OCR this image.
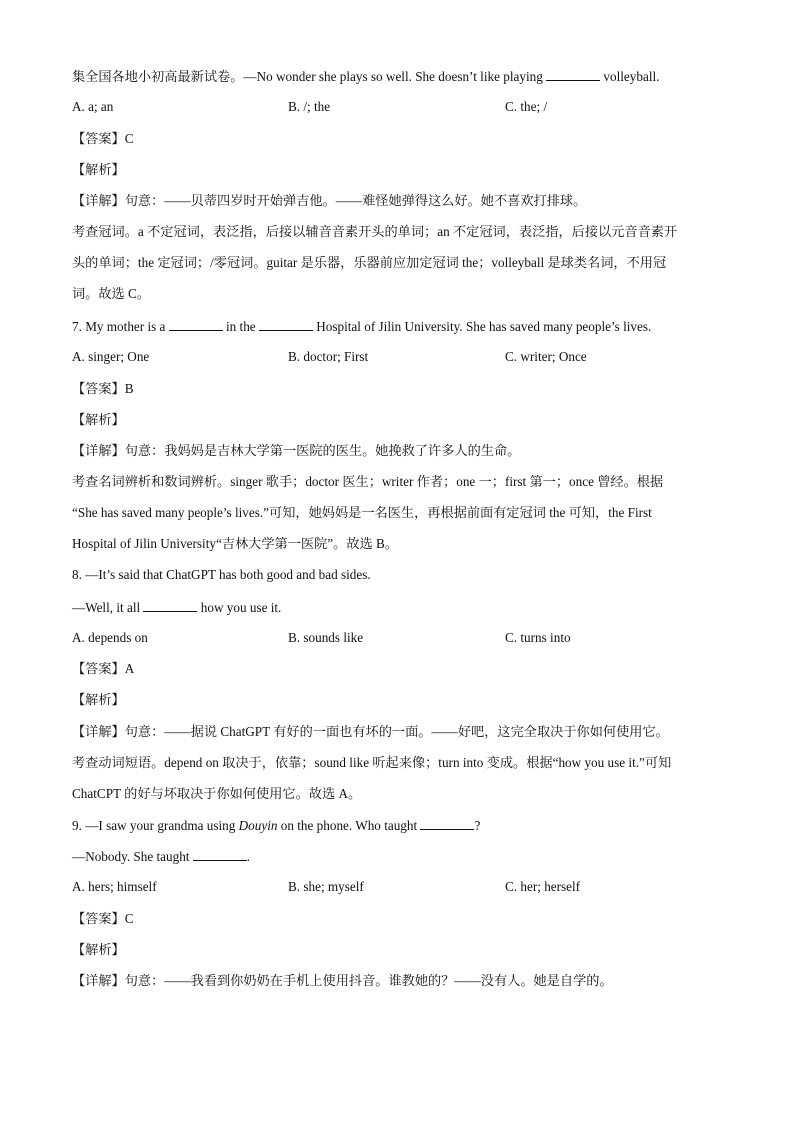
集全国各地小初高最新试卷。—No wonder she plays so well. She doesn’t like playing	volleyball.
A. a; an	B. /; the	C. the; /
【答案】C
【解析】
【详解】句意：——贝蒂四岁时开始弹吉他。——难怪她弹得这么好。她不喜欢打排球。
考查冠词。a 不定冠词，表泛指，后接以辅音音素开头的单词；an 不定冠词，表泛指，后接以元音音素开
头的单词；the 定冠词；/零冠词。guitar 是乐器，乐器前应加定冠词 the；volleyball 是球类名词，不用冠
词。故选 C。
7. My mother is a	in the	Hospital of Jilin University. She has saved many people’s lives.
A. singer; One	B. doctor; First	C. writer; Once
【答案】B
【解析】
【详解】句意：我妈妈是吉林大学第一医院的医生。她挽救了许多人的生命。
考查名词辨析和数词辨析。singer 歌手；doctor 医生；writer 作者；one 一；first 第一；once 曾经。根据
“She has saved many people’s lives.”可知，她妈妈是一名医生，再根据前面有定冠词 the 可知，the First
Hospital of Jilin University“吉林大学第一医院”。故选 B。
8. —It’s said that ChatGPT has both good and bad sides.
—Well, it all	how you use it.
A. depends on	B. sounds like	C. turns into
【答案】A
【解析】
【详解】句意：——据说 ChatGPT 有好的一面也有坏的一面。——好吧，这完全取决于你如何使用它。
考查动词短语。depend on 取决于，依靠；sound like 听起来像；turn into 变成。根据“how you use it.”可知
ChatCPT 的好与坏取决于你如何使用它。故选 A。
9. —I saw your grandma using Douyin on the phone. Who taught	?
—Nobody. She taught	.
A. hers; himself	B. she; myself	C. her; herself
【答案】C
【解析】
【详解】句意：——我看到你奶奶在手机上使用抖音。谁教她的？——没有人。她是自学的。
